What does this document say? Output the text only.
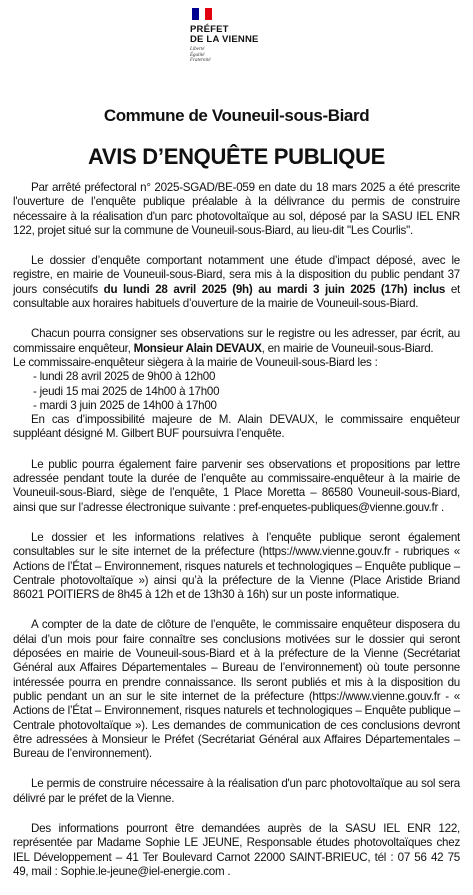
PRÉFET
DE LA VIENNE
Liberté
Égalité
Fraternité
Commune de Vouneuil-sous-Biard
AVIS D’ENQUÊTE PUBLIQUE

Par arrêté préfectoral n° 2025-SGAD/BE-059 en date du 18 mars 2025 a été prescrite l'ouverture de l’enquête publique préalable à la délivrance du permis de construire nécessaire à la réalisation d'un parc photovoltaïque au sol, déposé par la SASU IEL ENR 122, projet situé sur la commune de Vouneuil-sous-Biard, au lieu-dit "Les Courlis".

Le dossier d’enquête comportant notamment une étude d’impact déposé, avec le registre, en mairie de Vouneuil-sous-Biard, sera mis à la disposition du public pendant 37 jours consécutifs du lundi 28 avril 2025 (9h) au mardi 3 juin 2025 (17h) inclus et consultable aux horaires habituels d’ouverture de la mairie de Vouneuil-sous-Biard.

Chacun pourra consigner ses observations sur le registre ou les adresser, par écrit, au commissaire enquêteur, Monsieur Alain DEVAUX, en mairie de Vouneuil-sous-Biard.

Le commissaire-enquêteur siègera à la mairie de Vouneuil-sous-Biard les :
- lundi 28 avril 2025 de 9h00 à 12h00
- jeudi 15 mai 2025 de 14h00 à 17h00
- mardi 3 juin 2025 de 14h00 à 17h00

En cas d’impossibilité majeure de M. Alain DEVAUX, le commissaire enquêteur suppléant désigné M. Gilbert BUF poursuivra l’enquête.

Le public pourra également faire parvenir ses observations et propositions par lettre adressée pendant toute la durée de l’enquête au commissaire-enquêteur à la mairie de Vouneuil-sous-Biard, siège de l’enquête, 1 Place Moretta – 86580 Vouneuil-sous-Biard, ainsi que sur l’adresse électronique suivante : pref-enquetes-publiques@vienne.gouv.fr .

Le dossier et les informations relatives à l’enquête publique seront également consultables sur le site internet de la préfecture (https://www.vienne.gouv.fr - rubriques « Actions de l’État – Environnement, risques naturels et technologiques – Enquête publique – Centrale photovoltaïque ») ainsi qu’à la préfecture de la Vienne (Place Aristide Briand 86021 POITIERS de 8h45 à 12h et de 13h30 à 16h) sur un poste informatique.

A compter de la date de clôture de l’enquête, le commissaire enquêteur disposera du délai d’un mois pour faire connaître ses conclusions motivées sur le dossier qui seront déposées en mairie de Vouneuil-sous-Biard et à la préfecture de la Vienne (Secrétariat Général aux Affaires Départementales – Bureau de l’environnement) où toute personne intéressée pourra en prendre connaissance. Ils seront publiés et mis à la disposition du public pendant un an sur le site internet de la préfecture (https://www.vienne.gouv.fr - « Actions de l’État – Environnement, risques naturels et technologiques – Enquête publique – Centrale photovoltaïque »). Les demandes de communication de ces conclusions devront être adressées à Monsieur le Préfet (Secrétariat Général aux Affaires Départementales – Bureau de l’environnement).

Le permis de construire nécessaire à la réalisation d'un parc photovoltaïque au sol sera délivré par le préfet de la Vienne.

Des informations pourront être demandées auprès de la SASU IEL ENR 122, représentée par Madame Sophie LE JEUNE, Responsable études photovoltaïques chez IEL Développement – 41 Ter Boulevard Carnot 22000 SAINT-BRIEUC, tél : 07 56 42 75 49, mail : Sophie.le-jeune@iel-energie.com .
